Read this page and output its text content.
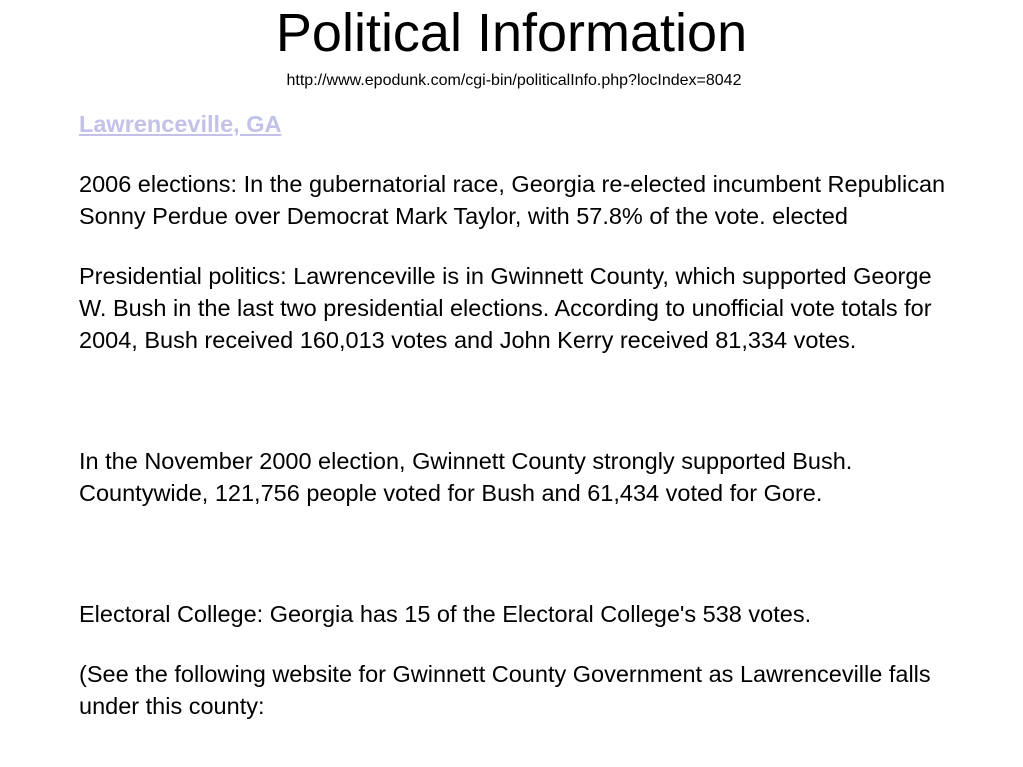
Political Information
http://www.epodunk.com/cgi-bin/politicalInfo.php?locIndex=8042

Lawrenceville, GA

2006 elections: In the gubernatorial race, Georgia re-elected incumbent Republican Sonny Perdue over Democrat Mark Taylor, with 57.8% of the vote. elected

Presidential politics: Lawrenceville is in Gwinnett County, which supported George W. Bush in the last two presidential elections. According to unofficial vote totals for 2004, Bush received 160,013 votes and John Kerry received 81,334 votes.

In the November 2000 election, Gwinnett County strongly supported Bush. Countywide, 121,756 people voted for Bush and 61,434 voted for Gore.

Electoral College: Georgia has 15 of the Electoral College's 538 votes.

(See the following website for Gwinnett County Government as Lawrenceville falls under this county:
